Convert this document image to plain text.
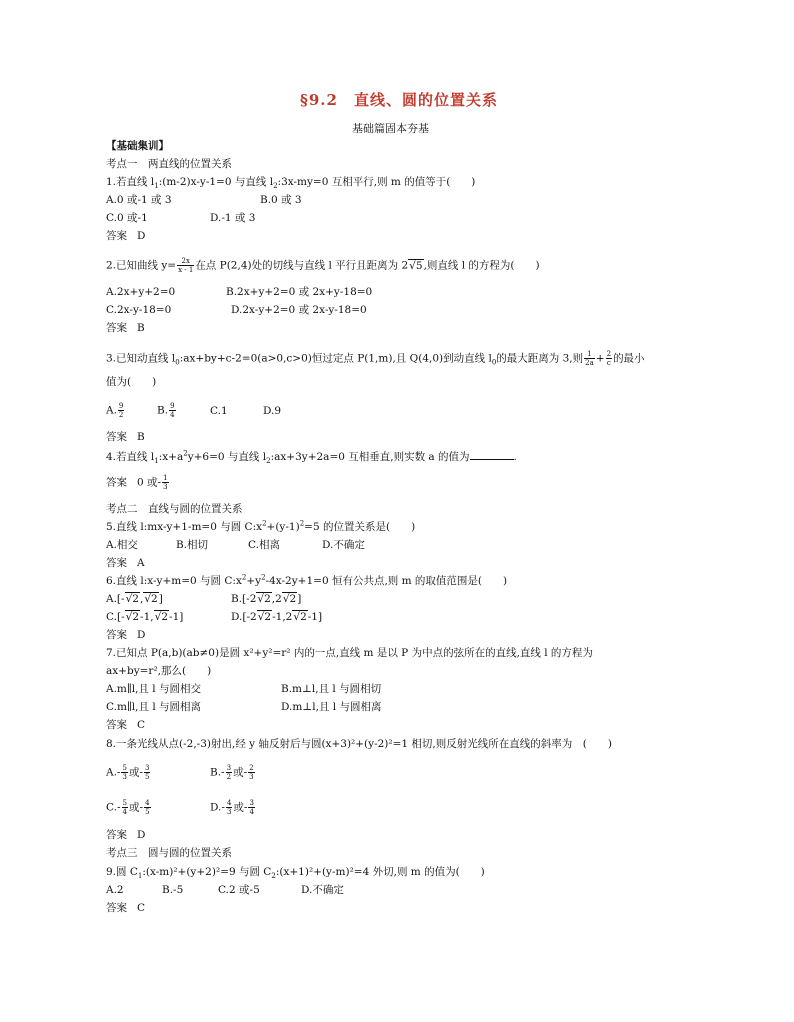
§9.2　直线、圆的位置关系
基础篇固本夯基
【基础集训】
考点一　两直线的位置关系
1.若直线 $l_1:(m-2)x-y-1=0$ 与直线 $l_2:3x-my=0$ 互相平行,则 m 的值等于(　　)
A.0 或-1 或 3	B.0 或 3
C.0 或-1	D.-1 或 3
答案 D
2.已知曲线 $y= \frac{2x}{x - 1}$ 在点 P(2,4)处的切线与直线 l 平行且距离为 2√5,则直线 l 的方程为(　　)
A.2x+y+2=0	B.2x+y+2=0 或 2x+y-18=0
C.2x-y-18=0	D.2x-y+2=0 或 2x-y-18=0
答案 B
3.已知动直线 $l_0:ax+by+c-2=0(a>0,c>0)$恒过定点 P(1,m),且 Q(4,0)到动直线 $l_0$的最大距离为 3,则 $\frac{1}{2a} + \frac{2}{c}$ 的最小
值为(　　)
A. $\frac{9}{2}$	B. $\frac{9}{4}$	C.1	D.9
答案 B
4.若直线 $l_1:x+a^2y+6=0$ 与直线 $l_2:ax+3y+2a=0$ 互相垂直,则实数 a 的值为	.
答案 0 或- $\frac{1}{3}$
考点二　直线与圆的位置关系
5.直线 l:mx-y+1-m=0 与圆 $C:x^2+(y-1)^2=5$ 的位置关系是(　　)
A.相交	B.相切	C.相离	D.不确定
答案 A
6.直线 l:x-y+m=0 与圆 $C:x^2+y^2-4x-2y+1=0$ 恒有公共点,则 m 的取值范围是(　　)
A.[-√2,√2]	B.[-2√2,2√2]
C.[-√2-1,√2-1]	D.[-2√2-1,2√2-1]
答案 D
7.已知点 P(a,b)(ab≠0)是圆 x²+y²=r² 内的一点,直线 m 是以 P 为中点的弦所在的直线,直线 l 的方程为
ax+by=r²,那么(　　)
A.m∥l,且 l 与圆相交	B.m⊥l,且 l 与圆相切
C.m∥l,且 l 与圆相离	D.m⊥l,且 l 与圆相离
答案 C
8.一条光线从点(-2,-3)射出,经 y 轴反射后与圆(x+3)²+(y-2)²=1 相切,则反射光线所在直线的斜率为　(　　)
$A.- \frac{5}{3}$ 或- $\frac{3}{5}$	$B.- \frac{3}{2}$ 或- $\frac{2}{3}$
$C.- \frac{5}{4}$ 或- $\frac{4}{5}$	$D.- \frac{4}{3}$ 或- $\frac{3}{4}$
答案 D
考点三　圆与圆的位置关系
9.圆 $C_1:(x-m)^2+(y+2)^2=9$ 与圆 $C_2:(x+1)^2+(y-m)^2=4$ 外切,则 m 的值为(　　)
A.2	B.-5	C.2 或-5	D.不确定
答案 C
